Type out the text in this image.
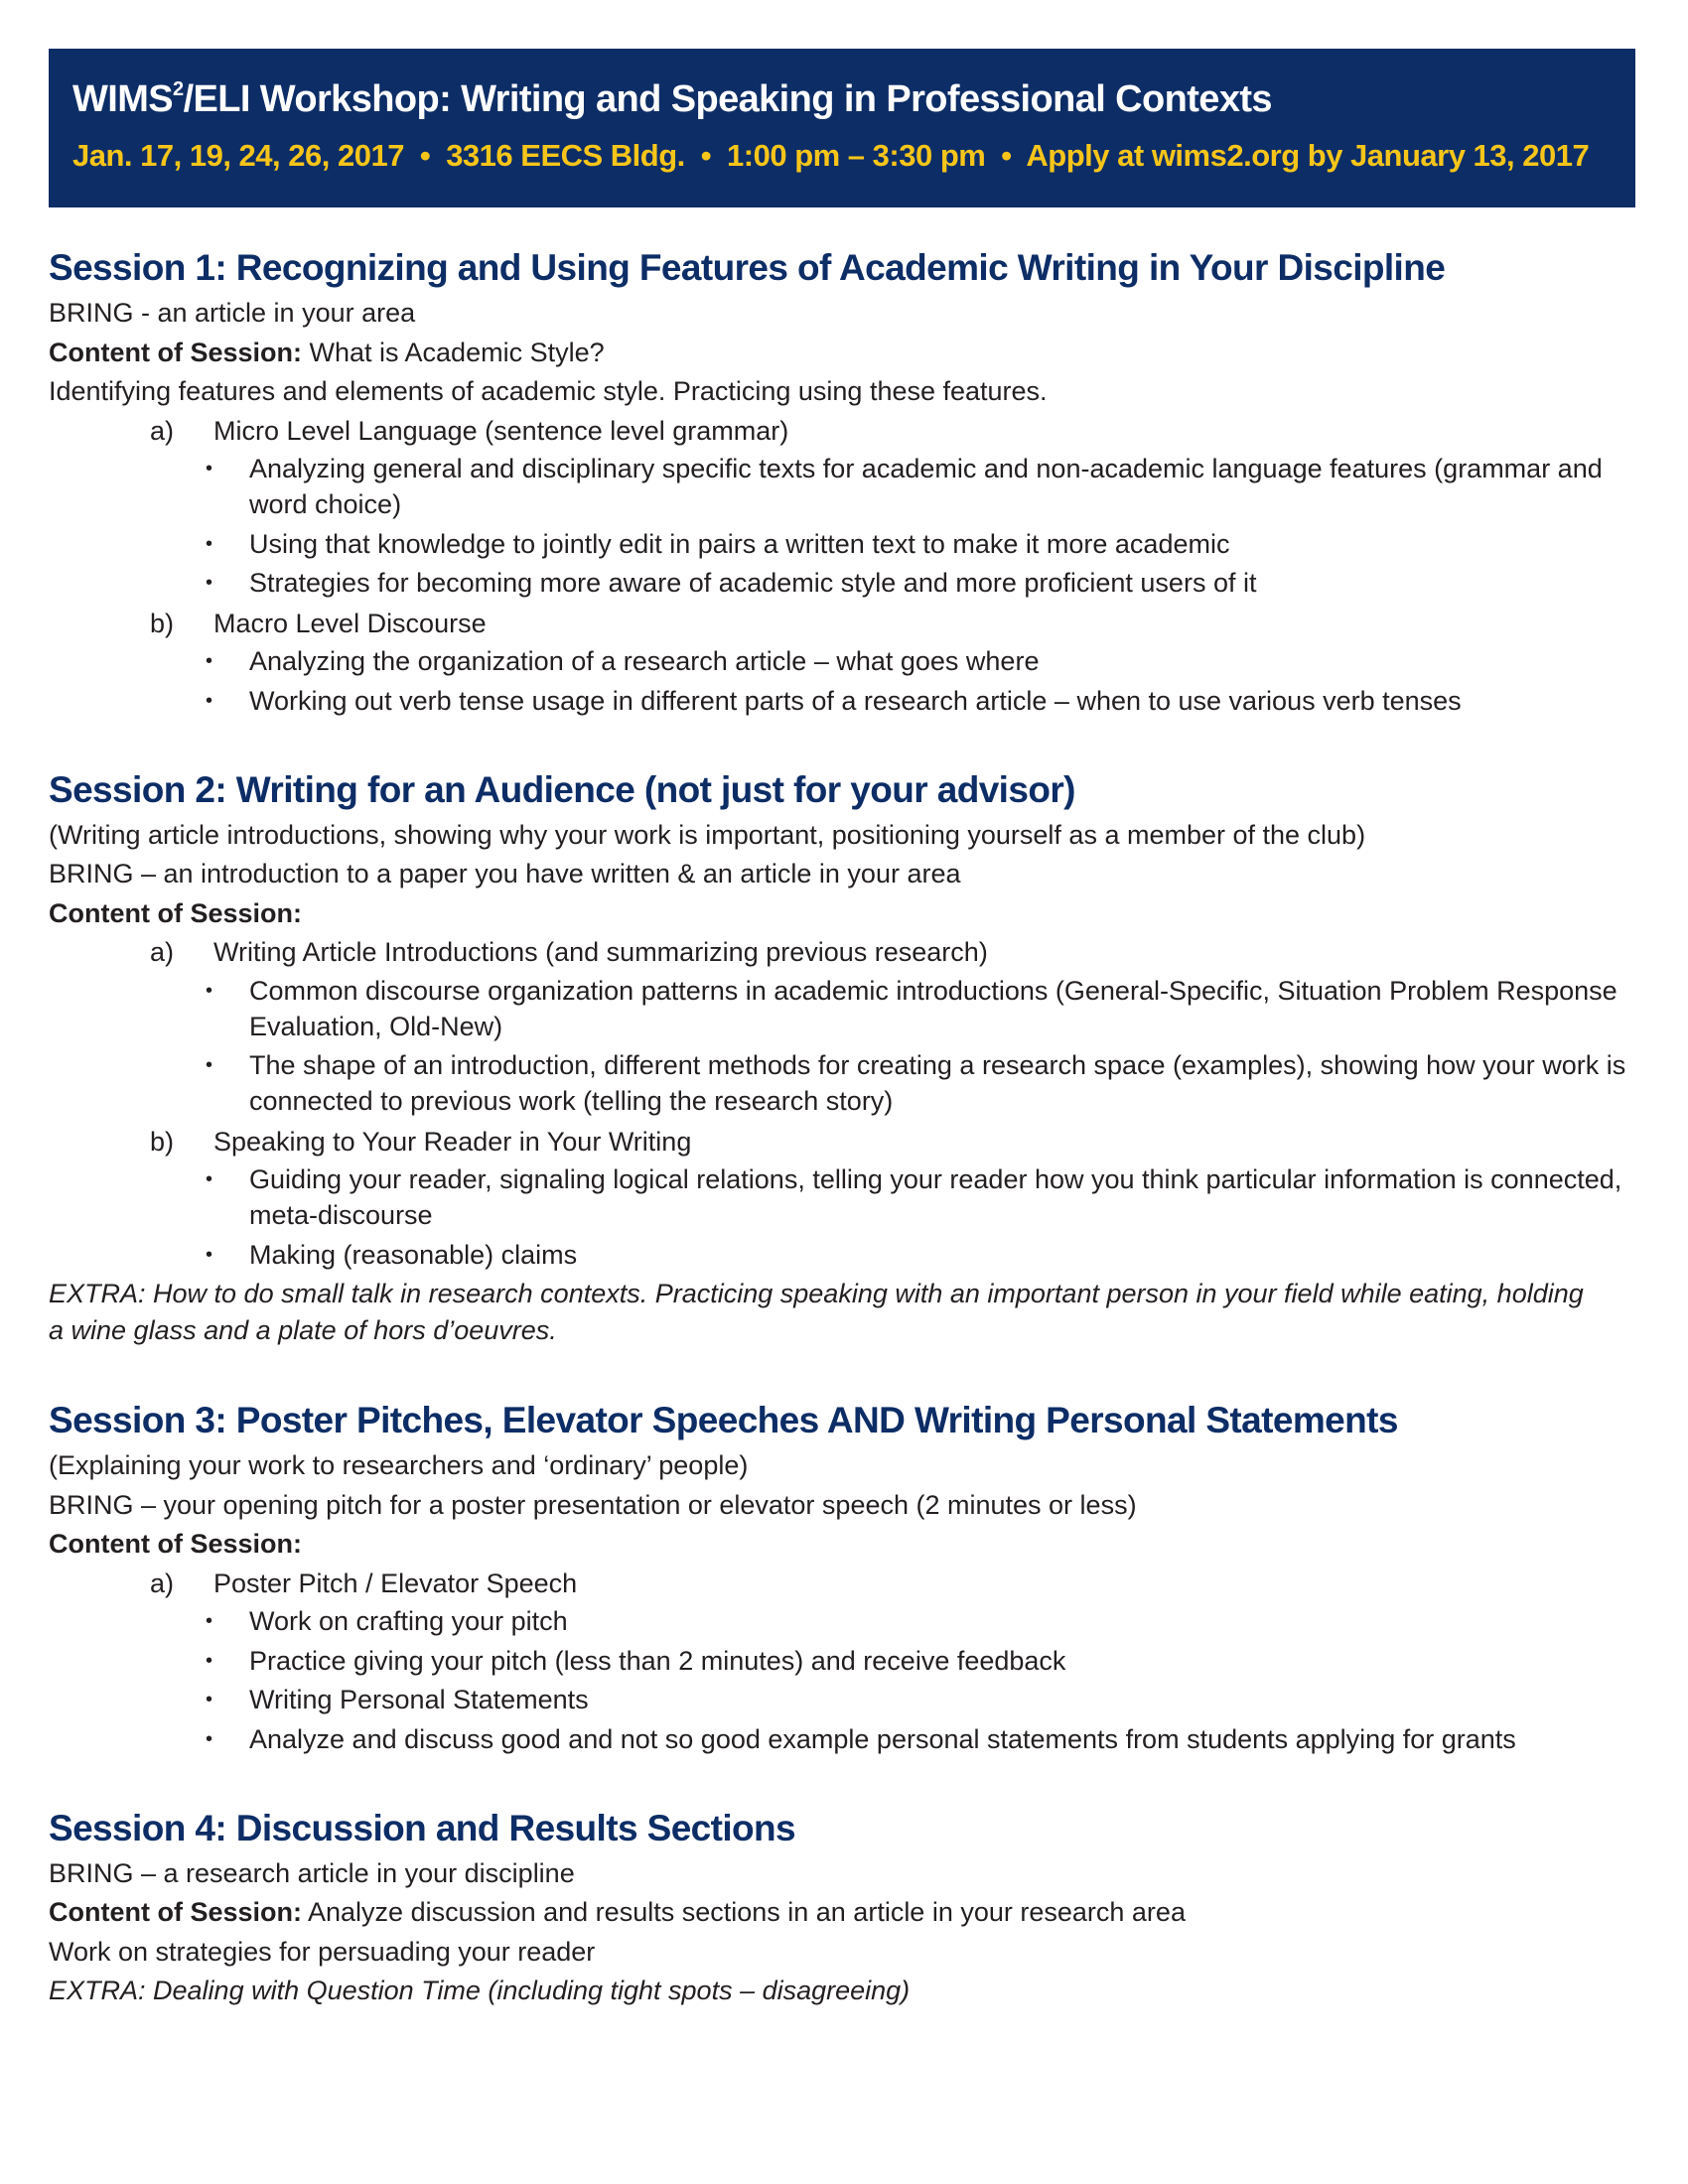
WIMS$^2$/ELI Workshop: Writing and Speaking in Professional Contexts
Jan. 17, 19, 24, 26, 2017 • 3316 EECS Bldg. • 1:00 pm – 3:30 pm • Apply at wims2.org by January 13, 2017
Session 1: Recognizing and Using Features of Academic Writing in Your Discipline
BRING - an article in your area
Content of Session: What is Academic Style?
Identifying features and elements of academic style. Practicing using these features.
a)	Micro Level Language (sentence level grammar)
• Analyzing general and disciplinary specific texts for academic and non-academic language features (grammar and word choice)
• Using that knowledge to jointly edit in pairs a written text to make it more academic
• Strategies for becoming more aware of academic style and more proficient users of it
b)	Macro Level Discourse
• Analyzing the organization of a research article – what goes where
• Working out verb tense usage in different parts of a research article – when to use various verb tenses
Session 2: Writing for an Audience (not just for your advisor)
(Writing article introductions, showing why your work is important, positioning yourself as a member of the club)
BRING – an introduction to a paper you have written & an article in your area
Content of Session:
a)	Writing Article Introductions (and summarizing previous research)
• Common discourse organization patterns in academic introductions (General-Specific, Situation Problem Response Evaluation, Old-New)
• The shape of an introduction, different methods for creating a research space (examples), showing how your work is connected to previous work (telling the research story)
b)	Speaking to Your Reader in Your Writing
• Guiding your reader, signaling logical relations, telling your reader how you think particular information is connected, meta-discourse
• Making (reasonable) claims
EXTRA: How to do small talk in research contexts. Practicing speaking with an important person in your field while eating, holding a wine glass and a plate of hors d’oeuvres.
Session 3: Poster Pitches, Elevator Speeches AND Writing Personal Statements
(Explaining your work to researchers and ‘ordinary’ people)
BRING – your opening pitch for a poster presentation or elevator speech (2 minutes or less)
Content of Session:
a)	Poster Pitch / Elevator Speech
• Work on crafting your pitch
• Practice giving your pitch (less than 2 minutes) and receive feedback
• Writing Personal Statements
• Analyze and discuss good and not so good example personal statements from students applying for grants
Session 4: Discussion and Results Sections
BRING – a research article in your discipline
Content of Session: Analyze discussion and results sections in an article in your research area
Work on strategies for persuading your reader
EXTRA: Dealing with Question Time (including tight spots – disagreeing)
